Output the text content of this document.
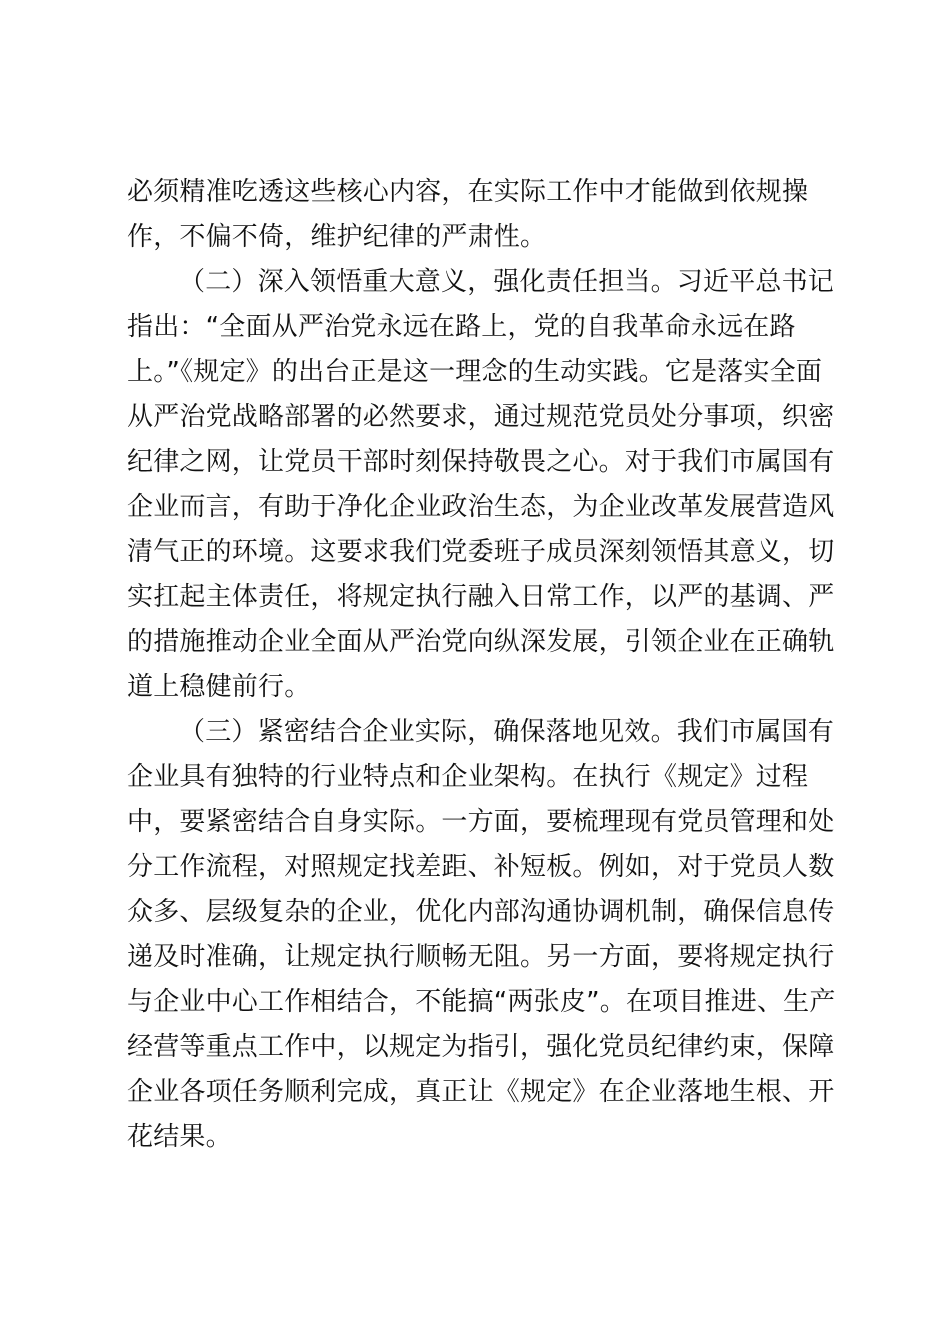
必须精准吃透这些核心内容，在实际工作中才能做到依规操
作，不偏不倚，维护纪律的严肃性。
（二）深入领悟重大意义，强化责任担当。习近平总书记
指出：“全面从严治党永远在路上，党的自我革命永远在路
上。”《规定》的出台正是这一理念的生动实践。它是落实全面
从严治党战略部署的必然要求，通过规范党员处分事项，织密
纪律之网，让党员干部时刻保持敬畏之心。对于我们市属国有
企业而言，有助于净化企业政治生态，为企业改革发展营造风
清气正的环境。这要求我们党委班子成员深刻领悟其意义，切
实扛起主体责任，将规定执行融入日常工作，以严的基调、严
的措施推动企业全面从严治党向纵深发展，引领企业在正确轨
道上稳健前行。
（三）紧密结合企业实际，确保落地见效。我们市属国有
企业具有独特的行业特点和企业架构。在执行《规定》过程
中，要紧密结合自身实际。一方面，要梳理现有党员管理和处
分工作流程，对照规定找差距、补短板。例如，对于党员人数
众多、层级复杂的企业，优化内部沟通协调机制，确保信息传
递及时准确，让规定执行顺畅无阻。另一方面，要将规定执行
与企业中心工作相结合，不能搞“两张皮”。在项目推进、生产
经营等重点工作中，以规定为指引，强化党员纪律约束，保障
企业各项任务顺利完成，真正让《规定》在企业落地生根、开
花结果。
